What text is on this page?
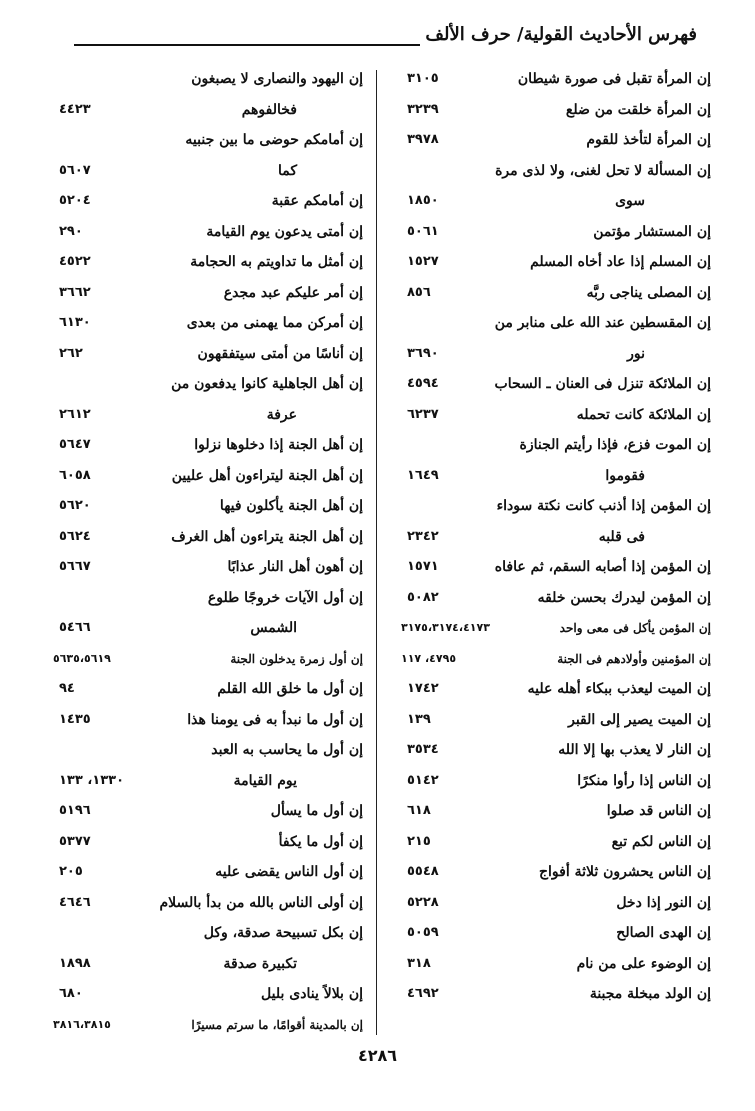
فهرس الأحاديث القولية/ حرف الألف
إن المرأة تقبل فى صورة شيطان
٣١٠٥
إن المرأة خلقت من ضلع
٣٢٣٩
إن المرأة لتأخذ للقوم
٣٩٧٨
إن المسألة لا تحل لغنى، ولا لذى مرة
سوى
١٨٥٠
إن المستشار مؤتمن
٥٠٦١
إن المسلم إذا عاد أخاه المسلم
١٥٢٧
إن المصلى يناجى ربَّه
٨٥٦
إن المقسطين عند الله على منابر من
نور
٣٦٩٠
إن الملائكة تنزل فى العنان ـ السحاب
٤٥٩٤
إن الملائكة كانت تحمله
٦٢٣٧
إن الموت فزع، فإذا رأيتم الجنازة
فقوموا
١٦٤٩
إن المؤمن إذا أذنب كانت نكتة سوداء
فى قلبه
٢٣٤٢
إن المؤمن إذا أصابه السقم، ثم عافاه
١٥٧١
إن المؤمن ليدرك بحسن خلقه
٥٠٨٢
إن المؤمن يأكل فى معى واحد
٣١٧٥،٣١٧٤،٤١٧٣
إن المؤمنين وأولادهم فى الجنة
٤٧٩٥، ١١٧
إن الميت ليعذب ببكاء أهله عليه
١٧٤٢
إن الميت يصير إلى القبر
١٣٩
إن النار لا يعذب بها إلا الله
٣٥٣٤
إن الناس إذا رأوا منكرًا
٥١٤٢
إن الناس قد صلوا
٦١٨
إن الناس لكم تبع
٢١٥
إن الناس يحشرون ثلاثة أفواج
٥٥٤٨
إن النور إذا دخل
٥٢٢٨
إن الهدى الصالح
٥٠٥٩
إن الوضوء على من نام
٣١٨
إن الولد مبخلة مجبنة
٤٦٩٢
إن اليهود والنصارى لا يصبغون
فخالفوهم
٤٤٢٣
إن أمامكم حوضى ما بين جنبيه
كما
٥٦٠٧
إن أمامكم عقبة
٥٢٠٤
إن أمتى يدعون يوم القيامة
٢٩٠
إن أمثل ما تداويتم به الحجامة
٤٥٢٢
إن أمر عليكم عبد مجدع
٣٦٦٢
إن أمركن مما يهمنى من بعدى
٦١٣٠
إن أناسًا من أمتى سيتفقهون
٢٦٢
إن أهل الجاهلية كانوا يدفعون من
عرفة
٢٦١٢
إن أهل الجنة إذا دخلوها نزلوا
٥٦٤٧
إن أهل الجنة ليتراءون أهل عليين
٦٠٥٨
إن أهل الجنة يأكلون فيها
٥٦٢٠
إن أهل الجنة يتراءون أهل الغرف
٥٦٢٤
إن أهون أهل النار عذابًا
٥٦٦٧
إن أول الآيات خروجًا طلوع
الشمس
٥٤٦٦
إن أول زمرة يدخلون الجنة
٥٦٣٥،٥٦١٩
إن أول ما خلق الله القلم
٩٤
إن أول ما نبدأ به فى يومنا هذا
١٤٣٥
إن أول ما يحاسب به العبد
يوم القيامة
١٣٣٠، ١٣٣
إن أول ما يسأل
٥١٩٦
إن أول ما يكفأ
٥٣٧٧
إن أول الناس يقضى عليه
٢٠٥
إن أولى الناس بالله من بدأ بالسلام
٤٦٤٦
إن بكل تسبيحة صدقة، وكل
تكبيرة صدقة
١٨٩٨
إن بلالاً ينادى بليل
٦٨٠
إن بالمدينة أقوامًا، ما سرتم مسيرًا
٣٨١٦،٣٨١٥
٤٢٨٦
